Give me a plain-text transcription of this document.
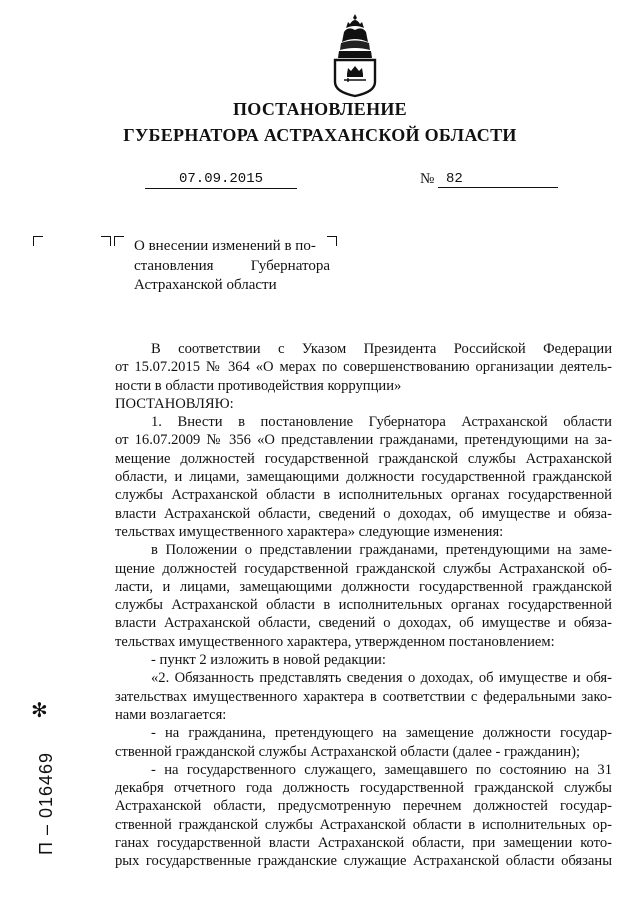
ПОСТАНОВЛЕНИЕ
ГУБЕРНАТОРА АСТРАХАНСКОЙ ОБЛАСТИ
07.09.2015	№ 82
О внесении изменений в по-
становления Губернатора
Астраханской области
В соответствии с Указом Президента Российской Федерации
от 15.07.2015 № 364 «О мерах по совершенствованию организации деятель-
ности в области противодействия коррупции»
ПОСТАНОВЛЯЮ:
1. Внести в постановление Губернатора Астраханской области
от 16.07.2009 № 356 «О представлении гражданами, претендующими на за-
мещение должностей государственной гражданской службы Астраханской
области, и лицами, замещающими должности государственной гражданской
службы Астраханской области в исполнительных органах государственной
власти Астраханской области, сведений о доходах, об имуществе и обяза-
тельствах имущественного характера» следующие изменения:
в Положении о представлении гражданами, претендующими на заме-
щение должностей государственной гражданской службы Астраханской об-
ласти, и лицами, замещающими должности государственной гражданской
службы Астраханской области в исполнительных органах государственной
власти Астраханской области, сведений о доходах, об имуществе и обяза-
тельствах имущественного характера, утвержденном постановлением:
- пункт 2 изложить в новой редакции:
«2. Обязанность представлять сведения о доходах, об имуществе и обя-
зательствах имущественного характера в соответствии с федеральными зако-
нами возлагается:
- на гражданина, претендующего на замещение должности государ-
ственной гражданской службы Астраханской области (далее - гражданин);
- на государственного служащего, замещавшего по состоянию на 31
декабря отчетного года должность государственной гражданской службы
Астраханской области, предусмотренную перечнем должностей государ-
ственной гражданской службы Астраханской области в исполнительных ор-
ганах государственной власти Астраханской области, при замещении кото-
рых государственные гражданские служащие Астраханской области обязаны
✻
П – 016469
